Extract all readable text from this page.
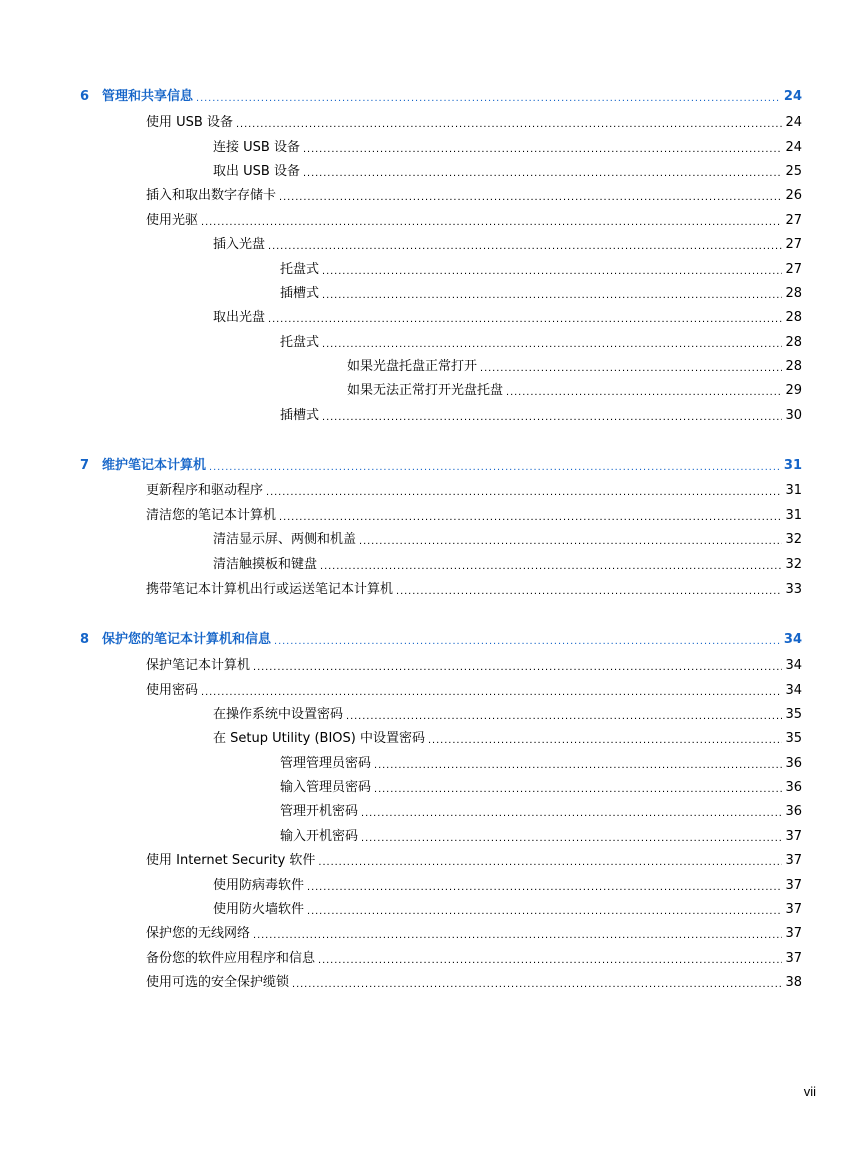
6 管理和共享信息 .....	24
使用 USB 设备 .....	24
连接 USB 设备 .....	24
取出 USB 设备 .....	25
插入和取出数字存储卡 .....	26
使用光驱 .....	27
插入光盘 .....	27
托盘式 .....	27
插槽式 .....	28
取出光盘 .....	28
托盘式 .....	28
如果光盘托盘正常打开 .....	28
如果无法正常打开光盘托盘 .....	29
插槽式 .....	30
7 维护笔记本计算机 .....	31
更新程序和驱动程序 .....	31
清洁您的笔记本计算机 .....	31
清洁显示屏、两侧和机盖 .....	32
清洁触摸板和键盘 .....	32
携带笔记本计算机出行或运送笔记本计算机 .....	33
8 保护您的笔记本计算机和信息 .....	34
保护笔记本计算机 .....	34
使用密码 .....	34
在操作系统中设置密码 .....	35
在 Setup Utility (BIOS) 中设置密码 .....	35
管理管理员密码 .....	36
输入管理员密码 .....	36
管理开机密码 .....	36
输入开机密码 .....	37
使用 Internet Security 软件 .....	37
使用防病毒软件 .....	37
使用防火墙软件 .....	37
保护您的无线网络 .....	37
备份您的软件应用程序和信息 .....	37
使用可选的安全保护缆锁 .....	38
vii
